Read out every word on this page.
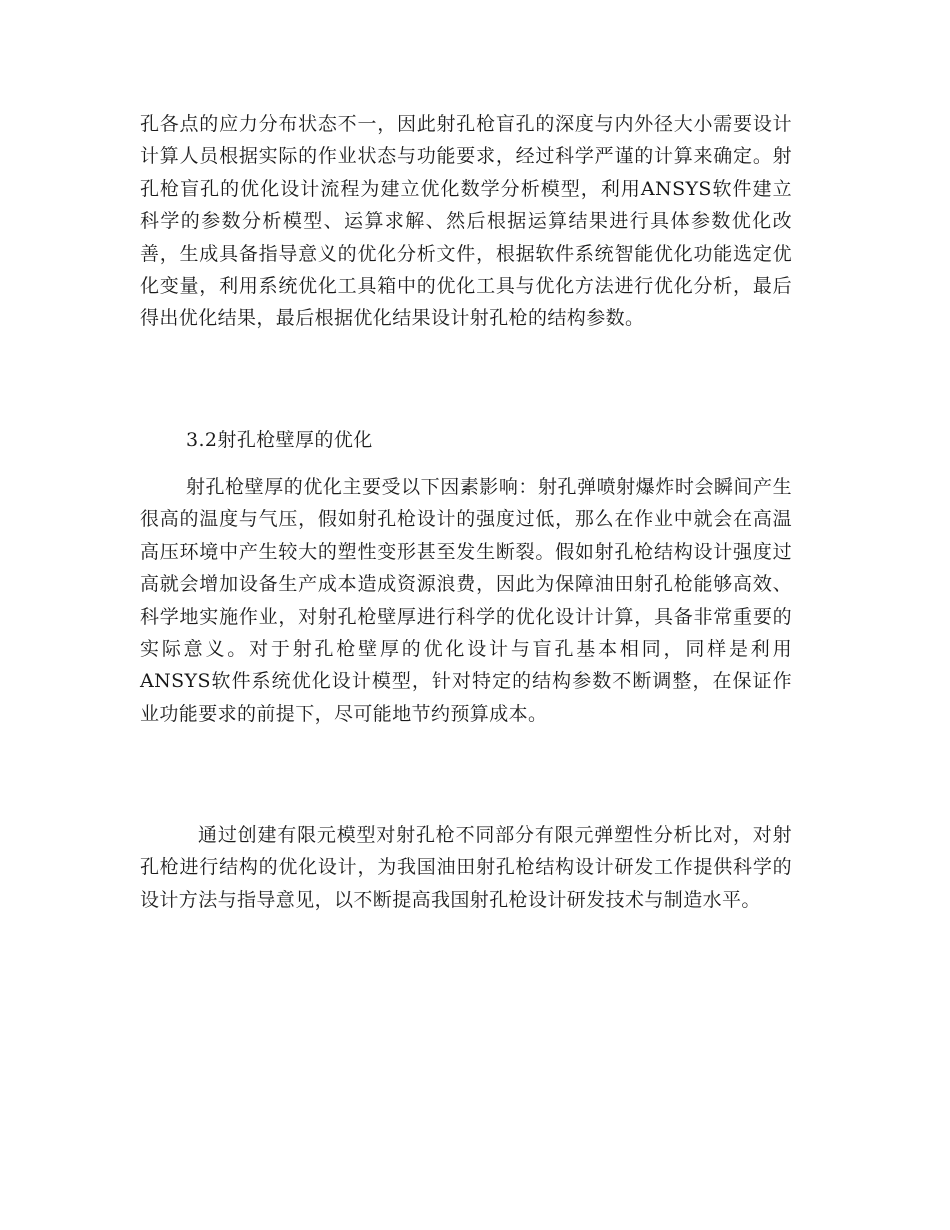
孔各点的应力分布状态不一，因此射孔枪盲孔的深度与内外径大小需要设计计算人员根据实际的作业状态与功能要求，经过科学严谨的计算来确定。射孔枪盲孔的优化设计流程为建立优化数学分析模型，利用ANSYS软件建立科学的参数分析模型、运算求解、然后根据运算结果进行具体参数优化改善，生成具备指导意义的优化分析文件，根据软件系统智能优化功能选定优化变量，利用系统优化工具箱中的优化工具与优化方法进行优化分析，最后得出优化结果，最后根据优化结果设计射孔枪的结构参数。

3.2射孔枪壁厚的优化

射孔枪壁厚的优化主要受以下因素影响：射孔弹喷射爆炸时会瞬间产生很高的温度与气压，假如射孔枪设计的强度过低，那么在作业中就会在高温高压环境中产生较大的塑性变形甚至发生断裂。假如射孔枪结构设计强度过高就会增加设备生产成本造成资源浪费，因此为保障油田射孔枪能够高效、科学地实施作业，对射孔枪壁厚进行科学的优化设计计算，具备非常重要的实际意义。对于射孔枪壁厚的优化设计与盲孔基本相同，同样是利用ANSYS软件系统优化设计模型，针对特定的结构参数不断调整，在保证作业功能要求的前提下，尽可能地节约预算成本。

通过创建有限元模型对射孔枪不同部分有限元弹塑性分析比对，对射孔枪进行结构的优化设计，为我国油田射孔枪结构设计研发工作提供科学的设计方法与指导意见，以不断提高我国射孔枪设计研发技术与制造水平。
